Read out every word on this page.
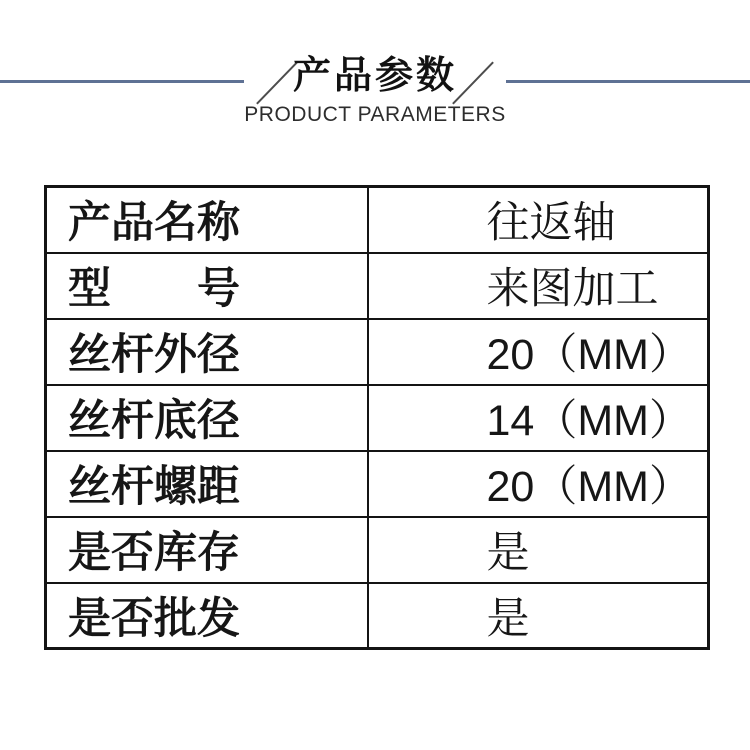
产品参数
PRODUCT PARAMETERS
产品名称	往返轴
型　　号	来图加工
丝杆外径	20（MM）
丝杆底径	14（MM）
丝杆螺距	20（MM）
是否库存	是
是否批发	是
